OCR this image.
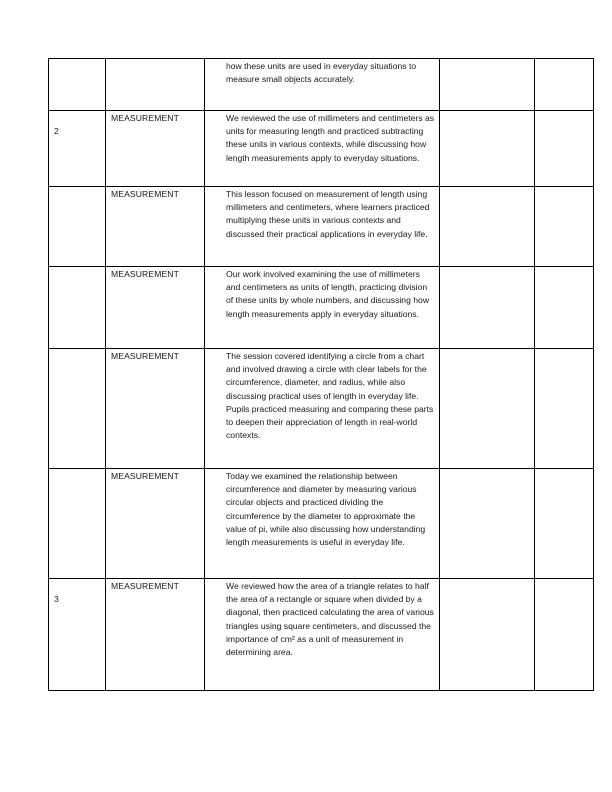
		how these units are used in everyday situations to measure small objects accurately.		

2	MEASUREMENT	We reviewed the use of millimeters and centimeters as units for measuring length and practiced subtracting these units in various contexts, while discussing how length measurements apply to everyday situations.		

	MEASUREMENT	This lesson focused on measurement of length using millimeters and centimeters, where learners practiced multiplying these units in various contexts and discussed their practical applications in everyday life.		

	MEASUREMENT	Our work involved examining the use of millimeters and centimeters as units of length, practicing division of these units by whole numbers, and discussing how length measurements apply in everyday situations.		

	MEASUREMENT	The session covered identifying a circle from a chart and involved drawing a circle with clear labels for the circumference, diameter, and radius, while also discussing practical uses of length in everyday life. Pupils practiced measuring and comparing these parts to deepen their appreciation of length in real-world contexts.		

	MEASUREMENT	Today we examined the relationship between circumference and diameter by measuring various circular objects and practiced dividing the circumference by the diameter to approximate the value of pi, while also discussing how understanding length measurements is useful in everyday life.		

3	MEASUREMENT	We reviewed how the area of a triangle relates to half the area of a rectangle or square when divided by a diagonal, then practiced calculating the area of various triangles using square centimeters, and discussed the importance of cm² as a unit of measurement in determining area.		
